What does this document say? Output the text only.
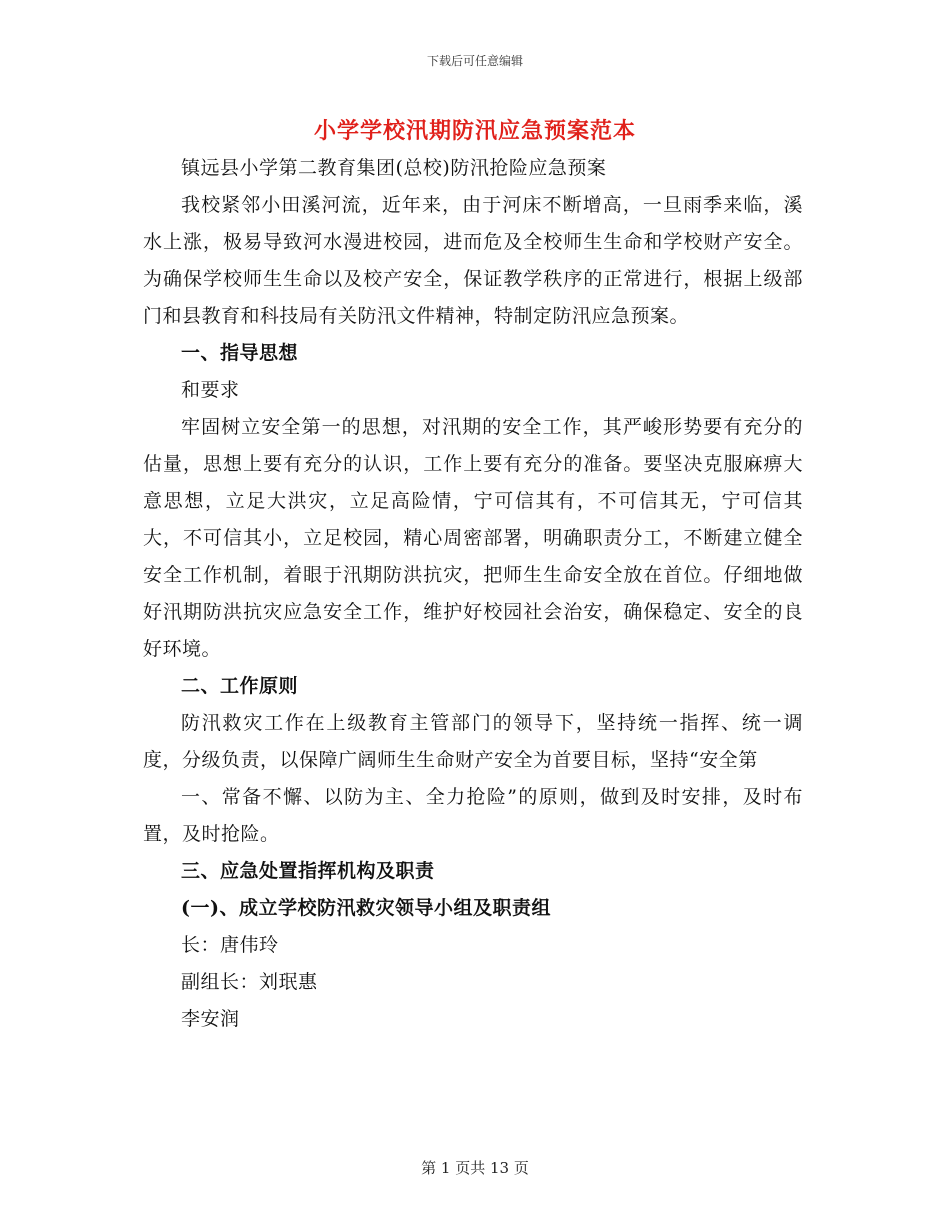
下载后可任意编辑
小学学校汛期防汛应急预案范本

镇远县小学第二教育集团(总校)防汛抢险应急预案

我校紧邻小田溪河流，近年来，由于河床不断增高，一旦雨季来临，溪水上涨，极易导致河水漫进校园，进而危及全校师生生命和学校财产安全。为确保学校师生生命以及校产安全，保证教学秩序的正常进行，根据上级部门和县教育和科技局有关防汛文件精神，特制定防汛应急预案。

一、指导思想

和要求

牢固树立安全第一的思想，对汛期的安全工作，其严峻形势要有充分的估量，思想上要有充分的认识，工作上要有充分的准备。要坚决克服麻痹大意思想，立足大洪灾，立足高险情，宁可信其有，不可信其无，宁可信其大，不可信其小，立足校园，精心周密部署，明确职责分工，不断建立健全安全工作机制，着眼于汛期防洪抗灾，把师生生命安全放在首位。仔细地做好汛期防洪抗灾应急安全工作，维护好校园社会治安，确保稳定、安全的良好环境。

二、工作原则

防汛救灾工作在上级教育主管部门的领导下，坚持统一指挥、统一调度，分级负责，以保障广阔师生生命财产安全为首要目标，坚持“安全第

一、常备不懈、以防为主、全力抢险”的原则，做到及时安排，及时布置，及时抢险。

三、应急处置指挥机构及职责

(一)、成立学校防汛救灾领导小组及职责组

长：唐伟玲

副组长：刘珉惠

李安润

第 1 页共 13 页
